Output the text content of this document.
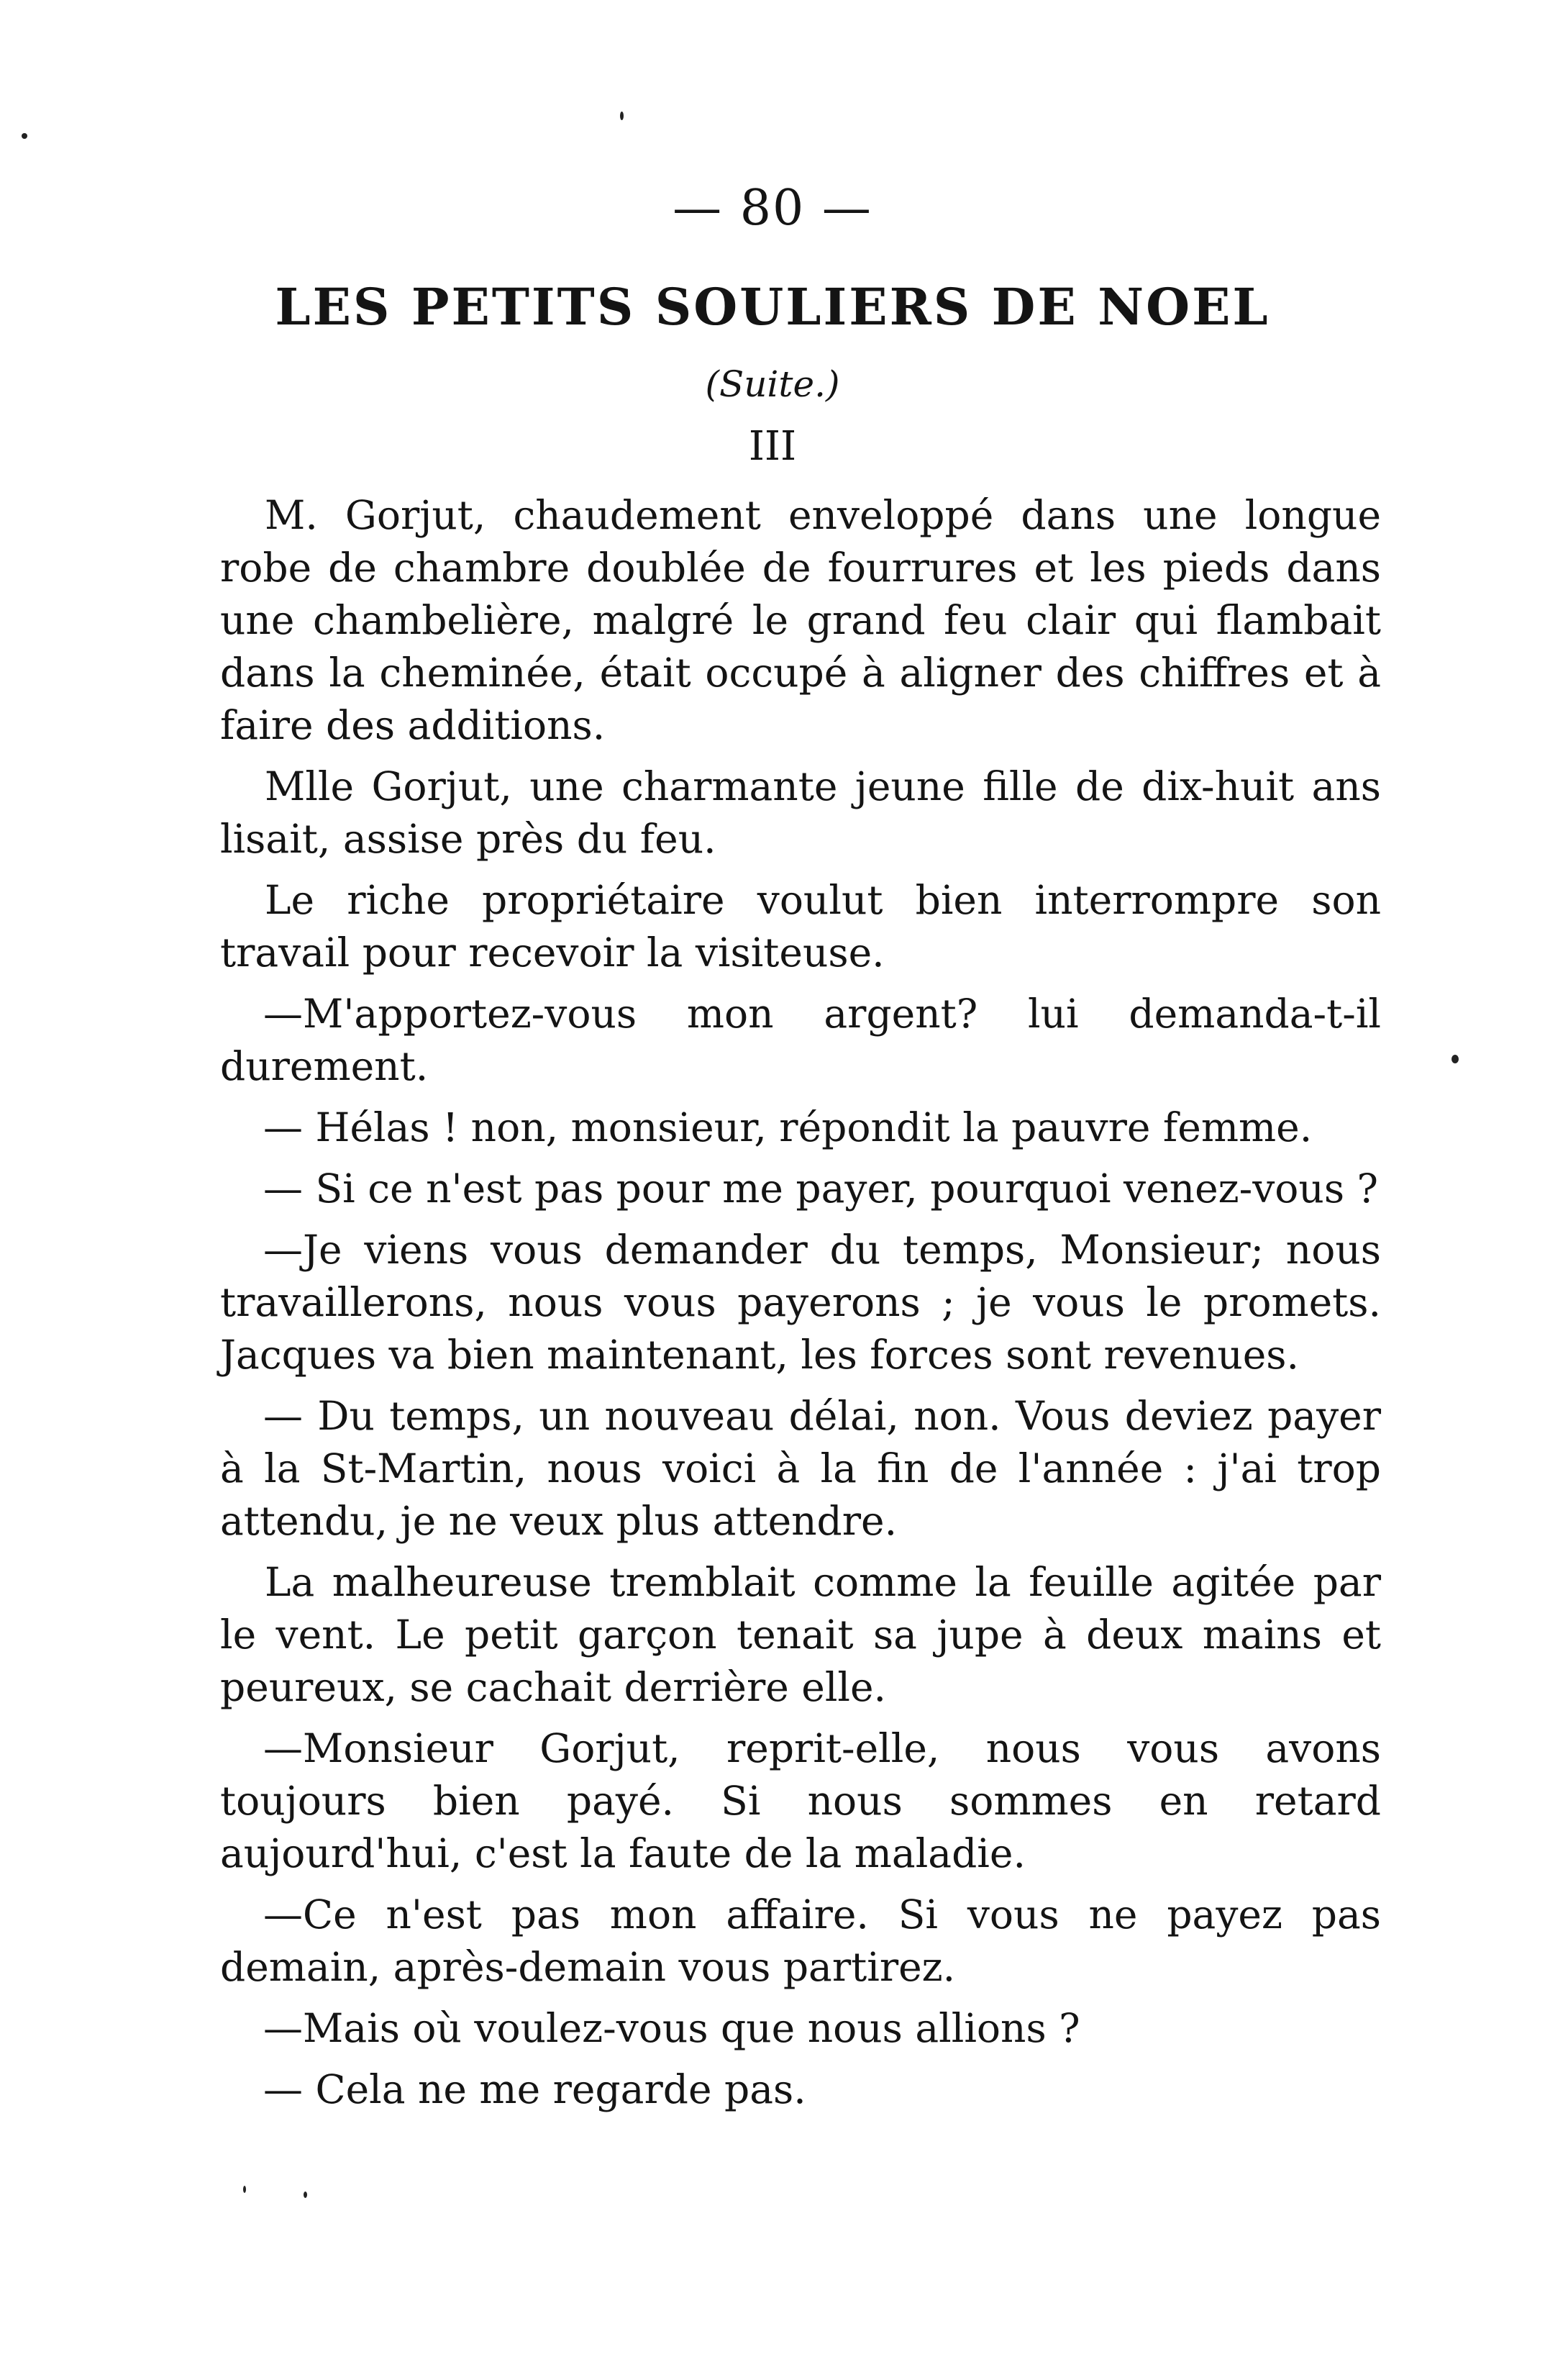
— 80 —
LES PETITS SOULIERS DE NOEL
(Suite.)
III

M. Gorjut, chaudement enveloppé dans une longue robe de chambre doublée de fourrures et les pieds dans une chambelière, malgré le grand feu clair qui flambait dans la cheminée, était occupé à aligner des chiffres et à faire des additions.

Mlle Gorjut, une charmante jeune fille de dix-huit ans lisait, assise près du feu.

Le riche propriétaire voulut bien interrompre son travail pour recevoir la visiteuse.

—M'apportez-vous mon argent? lui demanda-t-il durement.

— Hélas ! non, monsieur, répondit la pauvre femme.

— Si ce n'est pas pour me payer, pourquoi venez-vous ?

—Je viens vous demander du temps, Monsieur; nous travaillerons, nous vous payerons ; je vous le promets. Jacques va bien maintenant, les forces sont revenues.

— Du temps, un nouveau délai, non. Vous deviez payer à la St-Martin, nous voici à la fin de l'année : j'ai trop attendu, je ne veux plus attendre.

La malheureuse tremblait comme la feuille agitée par le vent. Le petit garçon tenait sa jupe à deux mains et peureux, se cachait derrière elle.

—Monsieur Gorjut, reprit-elle, nous vous avons toujours bien payé. Si nous sommes en retard aujourd'hui, c'est la faute de la maladie.

—Ce n'est pas mon affaire. Si vous ne payez pas demain, après-demain vous partirez.

—Mais où voulez-vous que nous allions ?

— Cela ne me regarde pas.
